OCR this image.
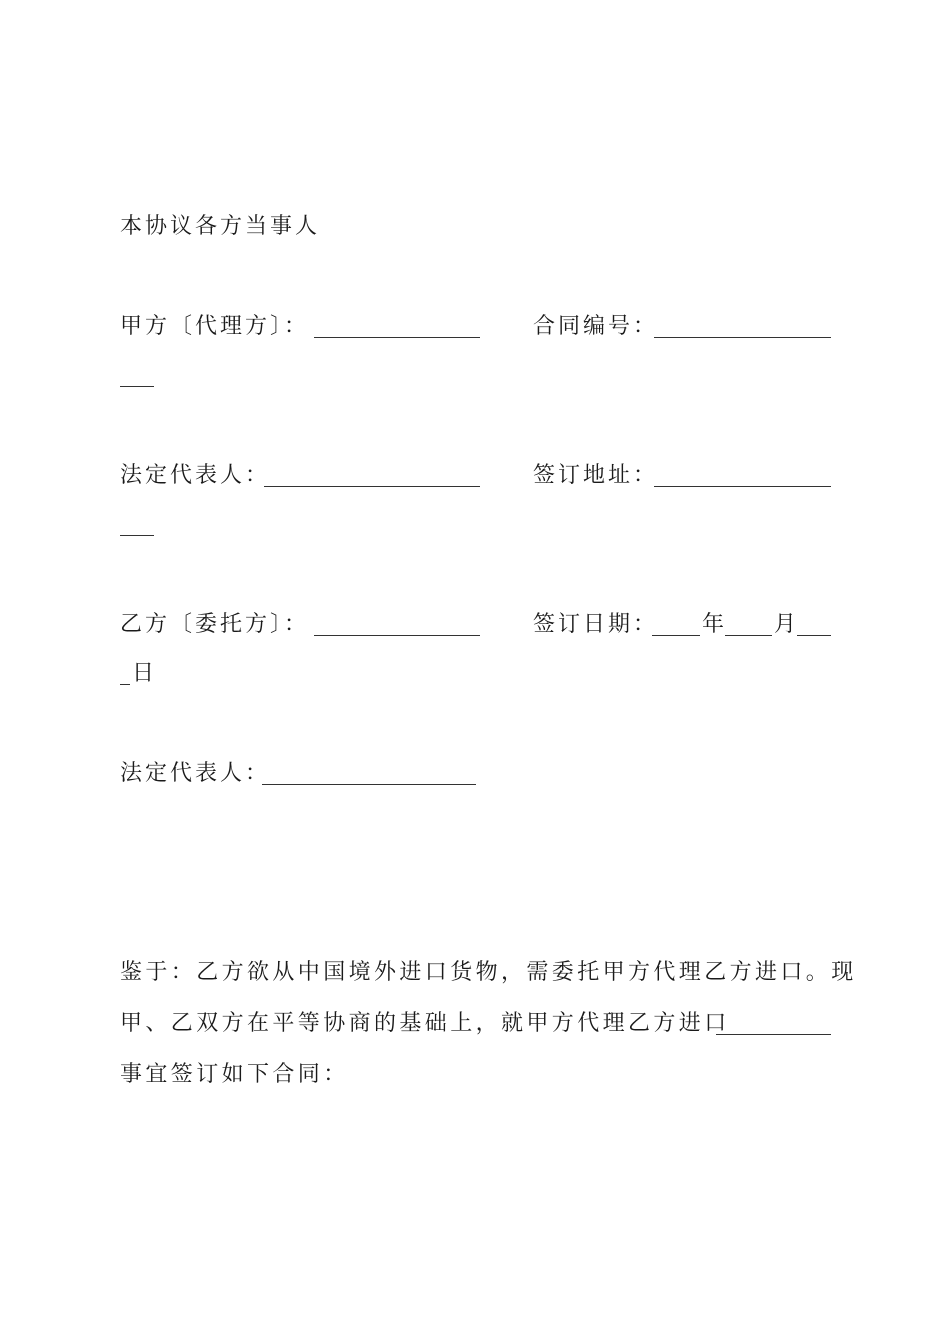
本协议各方当事人
甲方〔代理方〕：	合同编号：
法定代表人：	签订地址：
乙方〔委托方〕：	签订日期： 年 月
日
法定代表人：
鉴于：乙方欲从中国境外进口货物，需委托甲方代理乙方进口。现
甲、乙双方在平等协商的基础上，就甲方代理乙方进口
事宜签订如下合同：
